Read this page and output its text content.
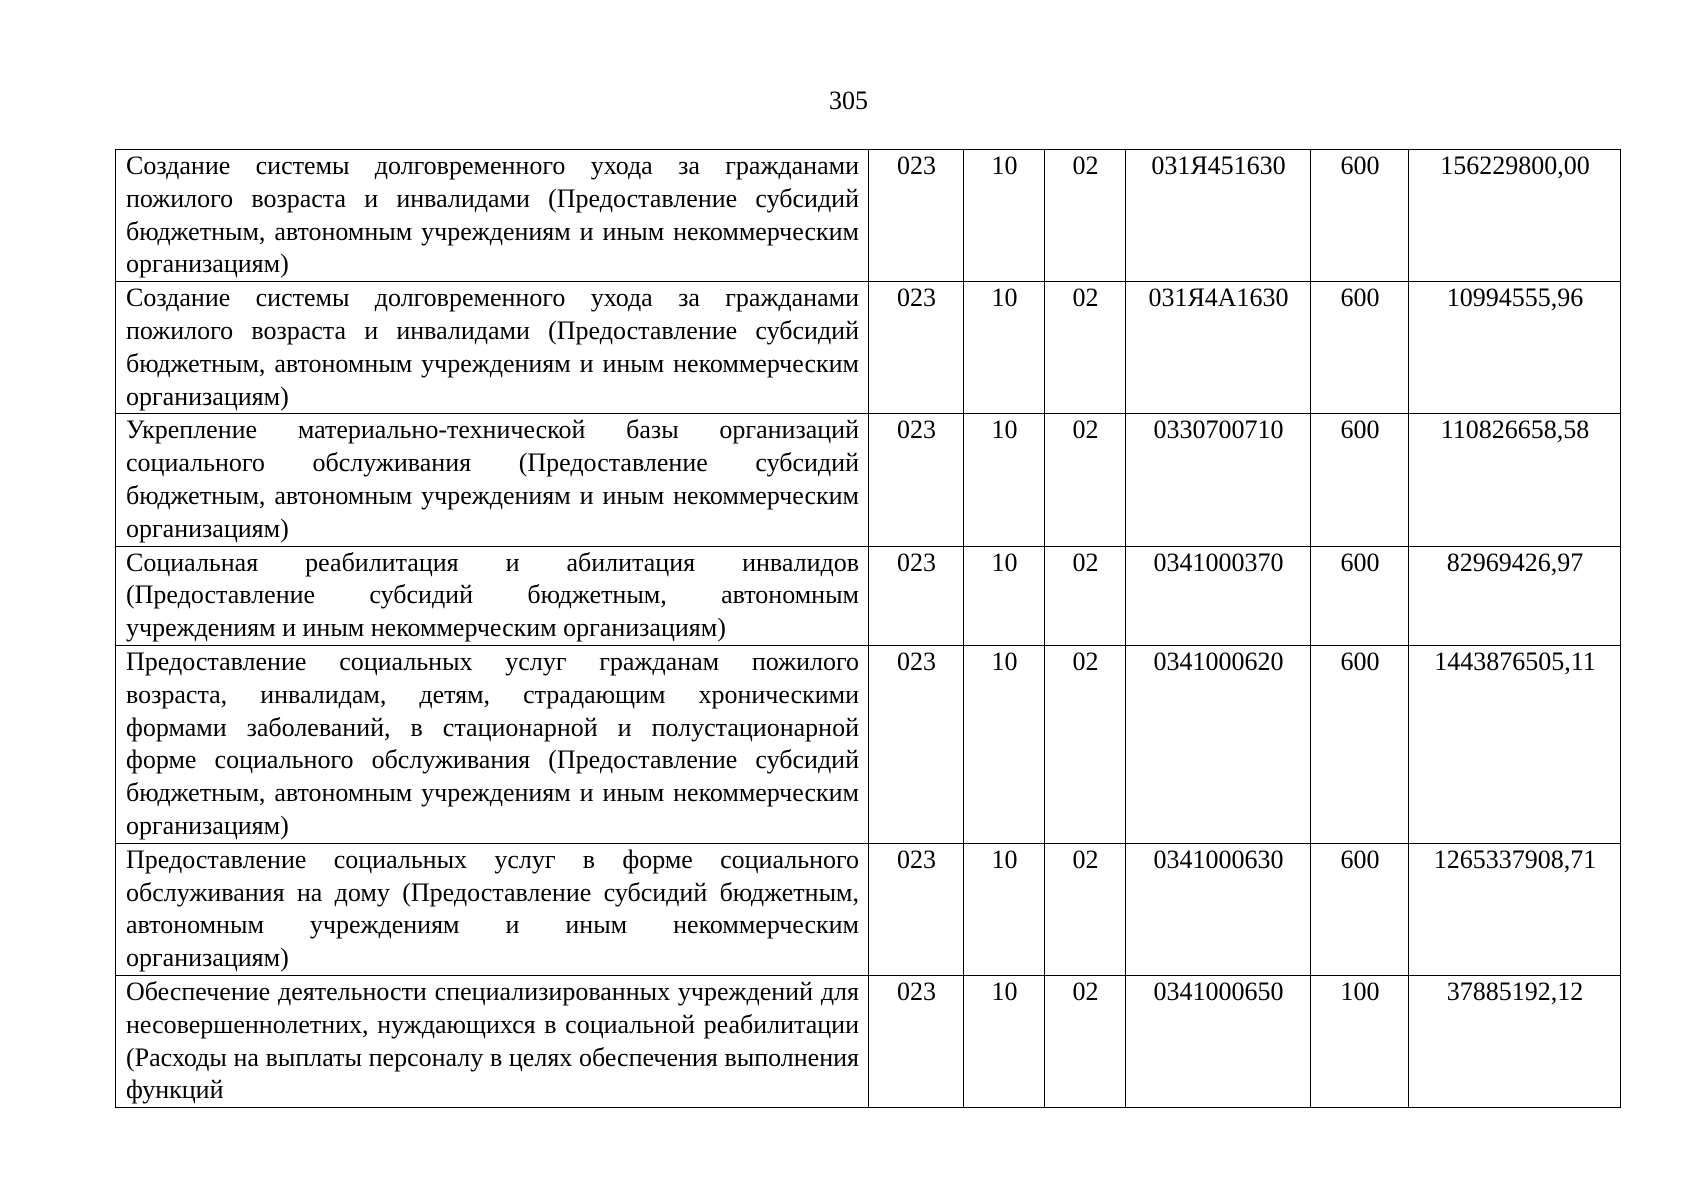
305
Создание системы долговременного ухода за гражданами пожилого возраста и инвалидами (Предоставление субсидий бюджетным, автономным учреждениям и иным некоммерческим организациям)	023	10	02	031Я451630	600	156229800,00
Создание системы долговременного ухода за гражданами пожилого возраста и инвалидами (Предоставление субсидий бюджетным, автономным учреждениям и иным некоммерческим организациям)	023	10	02	031Я4А1630	600	10994555,96
Укрепление материально-технической базы организаций социального обслуживания (Предоставление субсидий бюджетным, автономным учреждениям и иным некоммерческим организациям)	023	10	02	0330700710	600	110826658,58
Социальная реабилитация и абилитация инвалидов (Предоставление субсидий бюджетным, автономным учреждениям и иным некоммерческим организациям)	023	10	02	0341000370	600	82969426,97
Предоставление социальных услуг гражданам пожилого возраста, инвалидам, детям, страдающим хроническими формами заболеваний, в стационарной и полустационарной форме социального обслуживания (Предоставление субсидий бюджетным, автономным учреждениям и иным некоммерческим организациям)	023	10	02	0341000620	600	1443876505,11
Предоставление социальных услуг в форме социального обслуживания на дому (Предоставление субсидий бюджетным, автономным учреждениям и иным некоммерческим организациям)	023	10	02	0341000630	600	1265337908,71
Обеспечение деятельности специализированных учреждений для несовершеннолетних, нуждающихся в социальной реабилитации (Расходы на выплаты персоналу в целях обеспечения выполнения функций	023	10	02	0341000650	100	37885192,12
